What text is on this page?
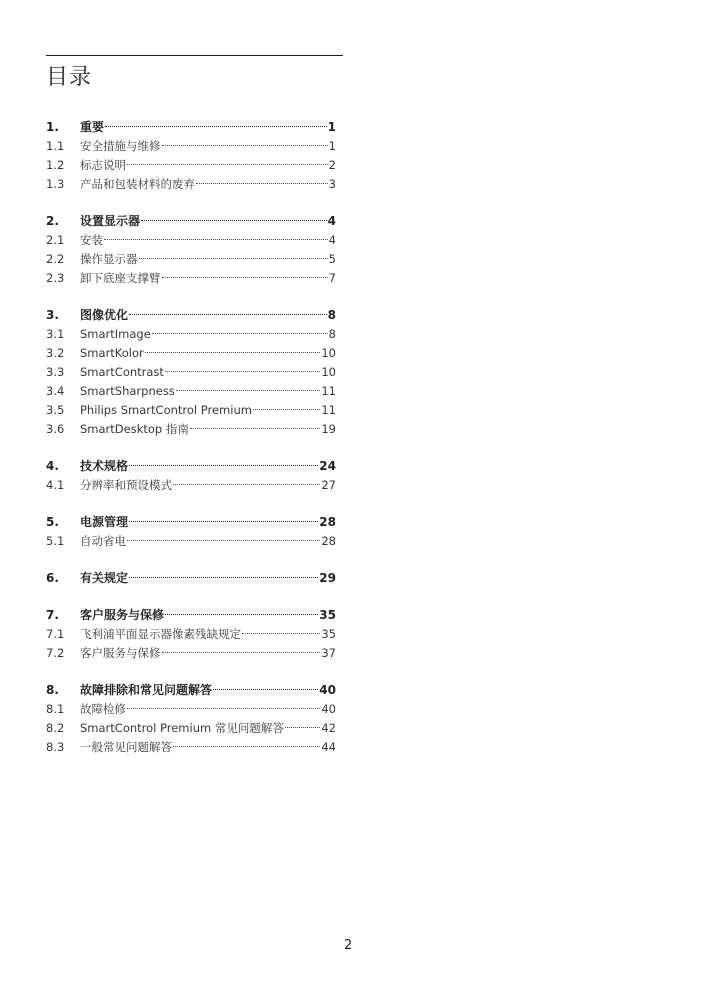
目录
1.	重要	1
1.1	安全措施与维修	1
1.2	标志说明	2
1.3	产品和包装材料的废弃	3
2.	设置显示器	4
2.1	安装	4
2.2	操作显示器	5
2.3	卸下底座支撑臂	7
3.	图像优化	8
3.1	SmartImage	8
3.2	SmartKolor	10
3.3	SmartContrast	10
3.4	SmartSharpness	11
3.5	Philips SmartControl Premium	11
3.6	SmartDesktop 指南	19
4.	技术规格	24
4.1	分辨率和预设模式	27
5.	电源管理	28
5.1	自动省电	28
6.	有关规定	29
7.	客户服务与保修	35
7.1	飞利浦平面显示器像素残缺规定	35
7.2	客户服务与保修	37
8.	故障排除和常见问题解答	40
8.1	故障检修	40
8.2	SmartControl Premium 常见问题解答	42
8.3	一般常见问题解答	44
2
